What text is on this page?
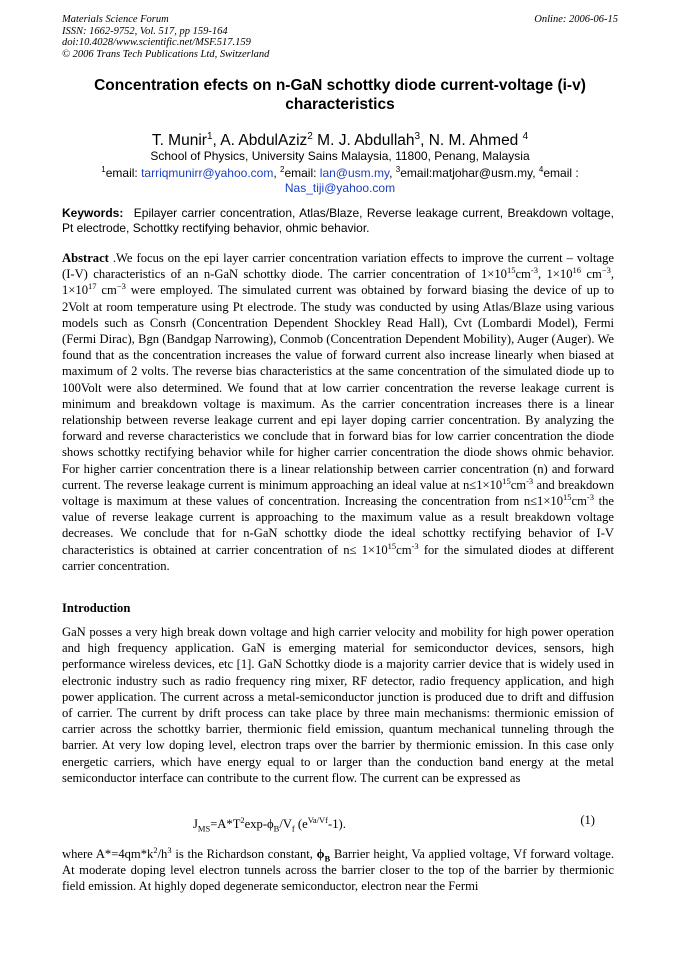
Materials Science Forum
ISSN: 1662-9752, Vol. 517, pp 159-164
doi:10.4028/www.scientific.net/MSF.517.159
© 2006 Trans Tech Publications Ltd, Switzerland
Online: 2006-06-15
Concentration efects on n-GaN schottky diode current-voltage (i-v) characteristics
T. Munir$^1$, A. AbdulAziz$^2$ M. J. Abdullah$^3$, N. M. Ahmed $^4$
School of Physics, University Sains Malaysia, 11800, Penang, Malaysia
$^1$email: tarriqmunirr@yahoo.com, $^2$email: lan@usm.my, $^3$email:matjohar@usm.my, $^4$email :
Nas_tiji@yahoo.com
Keywords: Epilayer carrier concentration, Atlas/Blaze, Reverse leakage current, Breakdown voltage, Pt electrode, Schottky rectifying behavior, ohmic behavior.
Abstract .We focus on the epi layer carrier concentration variation effects to improve the current – voltage (I-V) characteristics of an n-GaN schottky diode. The carrier concentration of $1\times 10^{15}cm^{-3}$, $1\times 10^{16}$ $cm^{-3}$, $1\times 10^{17}$ $cm^{-3}$ were employed. The simulated current was obtained by forward biasing the device of up to 2Volt at room temperature using Pt electrode. The study was conducted by using Atlas/Blaze using various models such as Consrh (Concentration Dependent Shockley Read Hall), Cvt (Lombardi Model), Fermi (Fermi Dirac), Bgn (Bandgap Narrowing), Conmob (Concentration Dependent Mobility), Auger (Auger). We found that as the concentration increases the value of forward current also increase linearly when biased at maximum of 2 volts. The reverse bias characteristics at the same concentration of the simulated diode up to 100Volt were also determined. We found that at low carrier concentration the reverse leakage current is minimum and breakdown voltage is maximum. As the carrier concentration increases there is a linear relationship between reverse leakage current and epi layer doping carrier concentration. By analyzing the forward and reverse characteristics we conclude that in forward bias for low carrier concentration the diode shows schottky rectifying behavior while for higher carrier concentration the diode shows ohmic behavior. For higher carrier concentration there is a linear relationship between carrier concentration (n) and forward current. The reverse leakage current is minimum approaching an ideal value at $n\le 1\times 10^{15}cm^{-3}$ and breakdown voltage is maximum at these values of concentration. Increasing the concentration from $n\le 1\times 10^{15}cm^{-3}$ the value of reverse leakage current is approaching to the maximum value as a result breakdown voltage decreases. We conclude that for n-GaN schottky diode the ideal schottky rectifying behavior of I-V characteristics is obtained at carrier concentration of $n\le 1\times 10^{15}cm^{-3}$ for the simulated diodes at different carrier concentration.
Introduction
GaN posses a very high break down voltage and high carrier velocity and mobility for high power operation and high frequency application. GaN is emerging material for semiconductor devices, sensors, high performance wireless devices, etc [1]. GaN Schottky diode is a majority carrier device that is widely used in electronic industry such as radio frequency ring mixer, RF detector, radio frequency application, and high power application. The current across a metal-semiconductor junction is produced due to drift and diffusion of carrier. The current by drift process can take place by three main mechanisms: thermionic emission of carrier across the schottky barrier, thermionic field emission, quantum mechanical tunneling through the barrier. At very low doping level, electron traps over the barrier by thermionic emission. In this case only energetic carriers, which have energy equal to or larger than the conduction band energy at the metal semiconductor interface can contribute to the current flow. The current can be expressed as
$J_{MS}=A*T^2\exp-\phi_B/V_f$ $(e^{Va/Vf}-1)$.	(1)
where $A*=4qm*k^2/h^3$ is the Richardson constant, $\phi_B$ Barrier height, Va applied voltage, Vf forward voltage. At moderate doping level electron tunnels across the barrier closer to the top of the barrier by thermionic field emission. At highly doped degenerate semiconductor, electron near the Fermi
